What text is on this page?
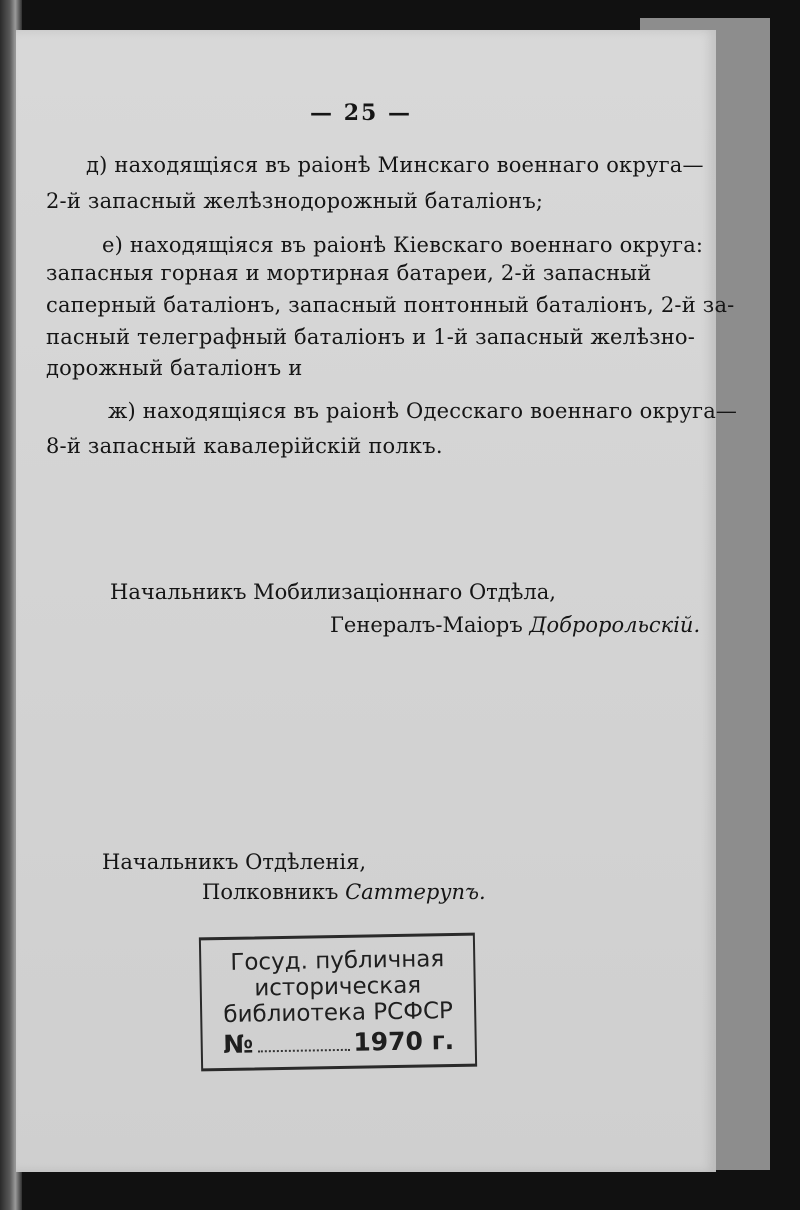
— 25 —
д) находящіяся въ раіонѣ Минскаго военнаго округа—
2-й запасный желѣзнодорожный баталіонъ;
е) находящіяся въ раіонѣ Кіевскаго военнаго округа:
запасныя горная и мортирная батареи, 2-й запасный
саперный баталіонъ, запасный понтонный баталіонъ, 2-й за-
пасный телеграфный баталіонъ и 1-й запасный желѣзно-
дорожный баталіонъ и
ж) находящіяся въ раіонѣ Одесскаго военнаго округа—
8-й запасный кавалерійскій полкъ.
Начальникъ Мобилизаціоннаго Отдѣла,
Генералъ-Маіоръ Добророльскій.
Начальникъ Отдѣленія,
Полковникъ Саттерупъ.
Госуд. публичная
историческая
библиотека РСФСР
№	1970 г.
